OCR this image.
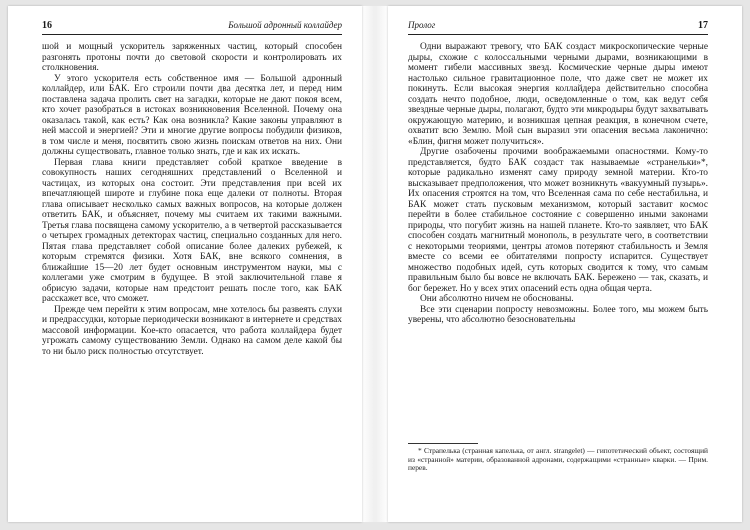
16	Большой адронный коллайдер

шой и мощный ускоритель заряженных частиц, который способен разгонять протоны почти до световой скорости и контролировать их столкновения.

У этого ускорителя есть собственное имя — Большой адронный коллайдер, или БАК. Его строили почти два десятка лет, и перед ним поставлена задача пролить свет на загадки, которые не дают покоя всем, кто хочет разобраться в истоках возникновения Вселенной. Почему она оказалась такой, как есть? Как она возникла? Какие законы управляют в ней массой и энергией? Эти и многие другие вопросы побудили физиков, в том числе и меня, посвятить свою жизнь поискам ответов на них. Они должны существовать, главное только знать, где и как их искать.

Первая глава книги представляет собой краткое введение в совокупность наших сегодняшних представлений о Вселенной и частицах, из которых она состоит. Эти представления при всей их впечатляющей широте и глубине пока еще далеки от полноты. Вторая глава описывает несколько самых важных вопросов, на которые должен ответить БАК, и объясняет, почему мы считаем их такими важными. Третья глава посвящена самому ускорителю, а в четвертой рассказывается о четырех громадных детекторах частиц, специально созданных для него. Пятая глава представляет собой описание более далеких рубежей, к которым стремятся физики. Хотя БАК, вне всякого сомнения, в ближайшие 15—20 лет будет основным инструментом науки, мы с коллегами уже смотрим в будущее. В этой заключительной главе я обрисую задачи, которые нам предстоит решать после того, как БАК расскажет все, что сможет.

Прежде чем перейти к этим вопросам, мне хотелось бы развеять слухи и предрассудки, которые периодически возникают в интернете и средствах массовой информации. Кое-кто опасается, что работа коллайдера будет угрожать самому существованию Земли. Однако на самом деле какой бы то ни было риск полностью отсутствует.

Пролог	17

Одни выражают тревогу, что БАК создаст микроскопические черные дыры, схожие с колоссальными черными дырами, возникающими в момент гибели массивных звезд. Космические черные дыры имеют настолько сильное гравитационное поле, что даже свет не может их покинуть. Если высокая энергия коллайдера действительно способна создать нечто подобное, люди, осведомленные о том, как ведут себя звездные черные дыры, полагают, будто эти микродыры будут захватывать окружающую материю, и возникшая цепная реакция, в конечном счете, охватит всю Землю. Мой сын выразил эти опасения весьма лаконично: «Блин, фигня может получиться».

Другие озабочены прочими воображаемыми опасностями. Кому-то представляется, будто БАК создаст так называемые «странельки»*, которые радикально изменят саму природу земной материи. Кто-то высказывает предположения, что может возникнуть «вакуумный пузырь». Их опасения строятся на том, что Вселенная сама по себе нестабильна, и БАК может стать пусковым механизмом, который заставит космос перейти в более стабильное состояние с совершенно иными законами природы, что погубит жизнь на нашей планете. Кто-то заявляет, что БАК способен создать магнитный монополь, в результате чего, в соответствии с некоторыми теориями, центры атомов потеряют стабильность и Земля вместе со всеми ее обитателями попросту испарится. Существует множество подобных идей, суть которых сводится к тому, что самым правильным было бы вовсе не включать БАК. Бережено — так, сказать, и бог бережет. Но у всех этих опасений есть одна общая черта.

Они абсолютно ничем не обоснованы.

Все эти сценарии попросту невозможны. Более того, мы можем быть уверены, что абсолютно безосновательны

* Страпелька (странная капелька, от англ. strangelet) — гипотетический объект, состоящий из «странной» материи, образованной адронами, содержащими «странные» кварки. — Прим. перев.
